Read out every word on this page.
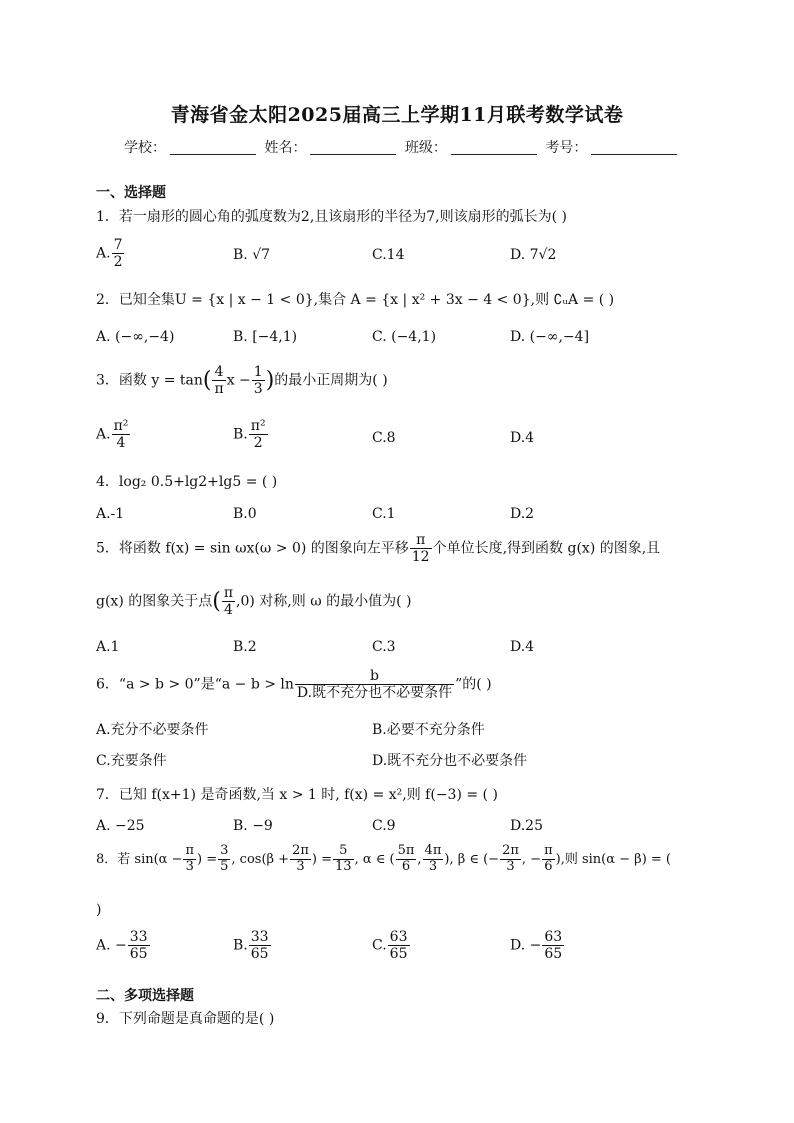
青海省金太阳2025届高三上学期11月联考数学试卷
学校：	姓名：	班级：	考号：
一、选择题
1．若一扇形的圆心角的弧度数为2,且该扇形的半径为7,则该扇形的弧长为( )
A. $\frac{7}{2}$	B. √7	C.14	D. 7√2
2．已知全集U = {x | x − 1 < 0},集合 A = {x | x² + 3x − 4 < 0},则 ∁ᵤA = ( )
A. (−∞,−4)	B. [−4,1)	C. (−4,1)	D. (−∞,−4]
3．函数 $y = \tan( \frac{4}{\pi}$ $x - \frac{1}{3}$ )的最小正周期为( )
A. $\frac{\text{π²}}{4}$	B. $\frac{\text{π²}}{2}$	C.8	D.4
4．log₂ 0.5+lg2+lg5 = ( )
A.-1	B.0	C.1	D.2
5．将函数 f(x) = sin ωx(ω > 0) 的图象向左平移 $\frac{\pi}{12}$ 个单位长度,得到函数 g(x) 的图象,且
g(x) 的图象关于点( $\frac{\pi}{4} ,0$) 对称,则 ω 的最小值为( )
A.1	B.2	C.3	D.4
6．“a > b > 0”是“$a - b > \ln \frac{b}{\text{D.既不充分也不必要条件}}$ ”的( )
A.充分不必要条件	B.必要不充分条件
C.充要条件	D.既不充分也不必要条件
7．已知 f(x+1) 是奇函数,当 x > 1 时, f(x) = x²,则 f(−3) = ( )
A. −25	B. −9	C.9	D.25
8．若 $\sin(\alpha - \frac{\pi}{3}$ ) = $\frac{3}{5}$ , $\cos(\beta + \frac{2\pi}{3}$ ) = $\frac{5}{13}$ , α ∈ ( $\frac{5\pi}{6}$ , $\frac{4\pi}{3}$ ), β ∈ (− $\frac{2\pi}{3}$ , − $\frac{\pi}{6}$ ),则 sin(α − β) = (
)
A. − $\frac{33}{65}$	B. $\frac{33}{65}$	C. $\frac{63}{65}$	D. − $\frac{63}{65}$
二、多项选择题
9．下列命题是真命题的是( )
